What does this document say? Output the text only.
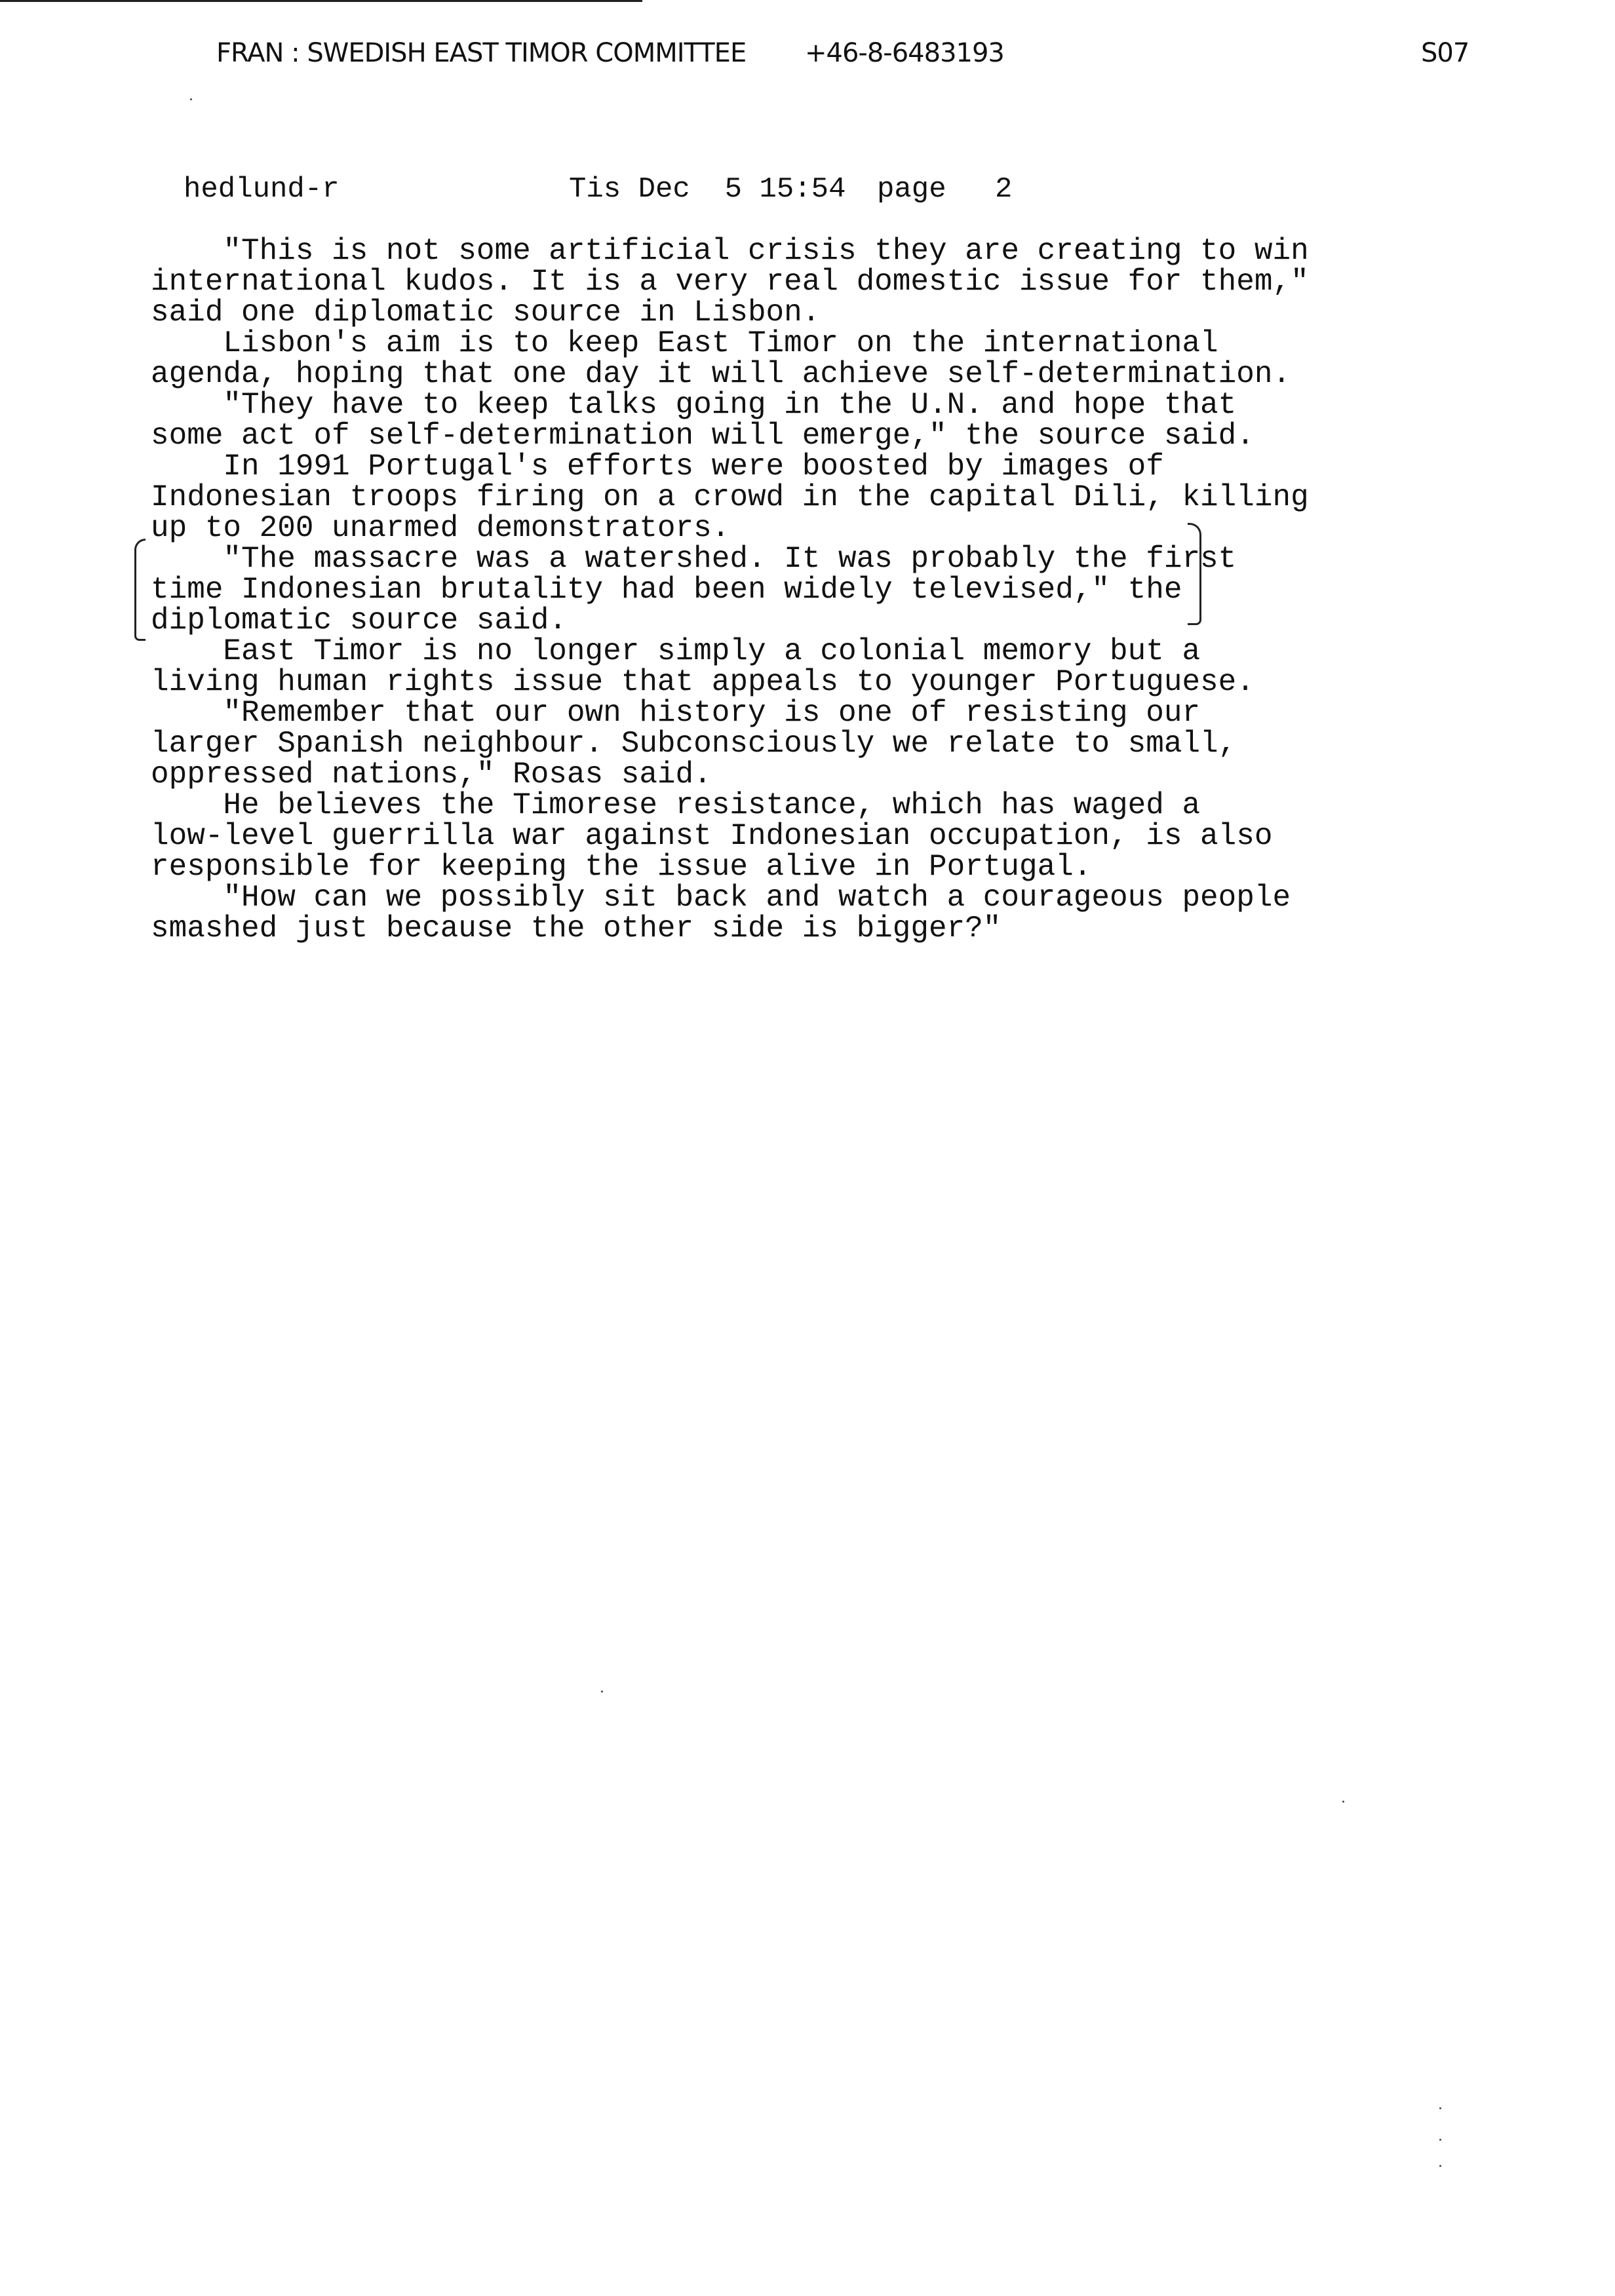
FRAN : SWEDISH EAST TIMOR COMMITTEE +46-8-6483193	S07
hedlund-r	Tis Dec  5 15:54 page 2
"This is not some artificial crisis they are creating to win
international kudos. It is a very real domestic issue for them,"
said one diplomatic source in Lisbon.
Lisbon's aim is to keep East Timor on the international
agenda, hoping that one day it will achieve self-determination.
"They have to keep talks going in the U.N. and hope that
some act of self-determination will emerge," the source said.
In 1991 Portugal's efforts were boosted by images of
Indonesian troops firing on a crowd in the capital Dili, killing
up to 200 unarmed demonstrators.
"The massacre was a watershed. It was probably the first
time Indonesian brutality had been widely televised," the
diplomatic source said.
East Timor is no longer simply a colonial memory but a
living human rights issue that appeals to younger Portuguese.
"Remember that our own history is one of resisting our
larger Spanish neighbour. Subconsciously we relate to small,
oppressed nations," Rosas said.
He believes the Timorese resistance, which has waged a
low-level guerrilla war against Indonesian occupation, is also
responsible for keeping the issue alive in Portugal.
"How can we possibly sit back and watch a courageous people
smashed just because the other side is bigger?"
